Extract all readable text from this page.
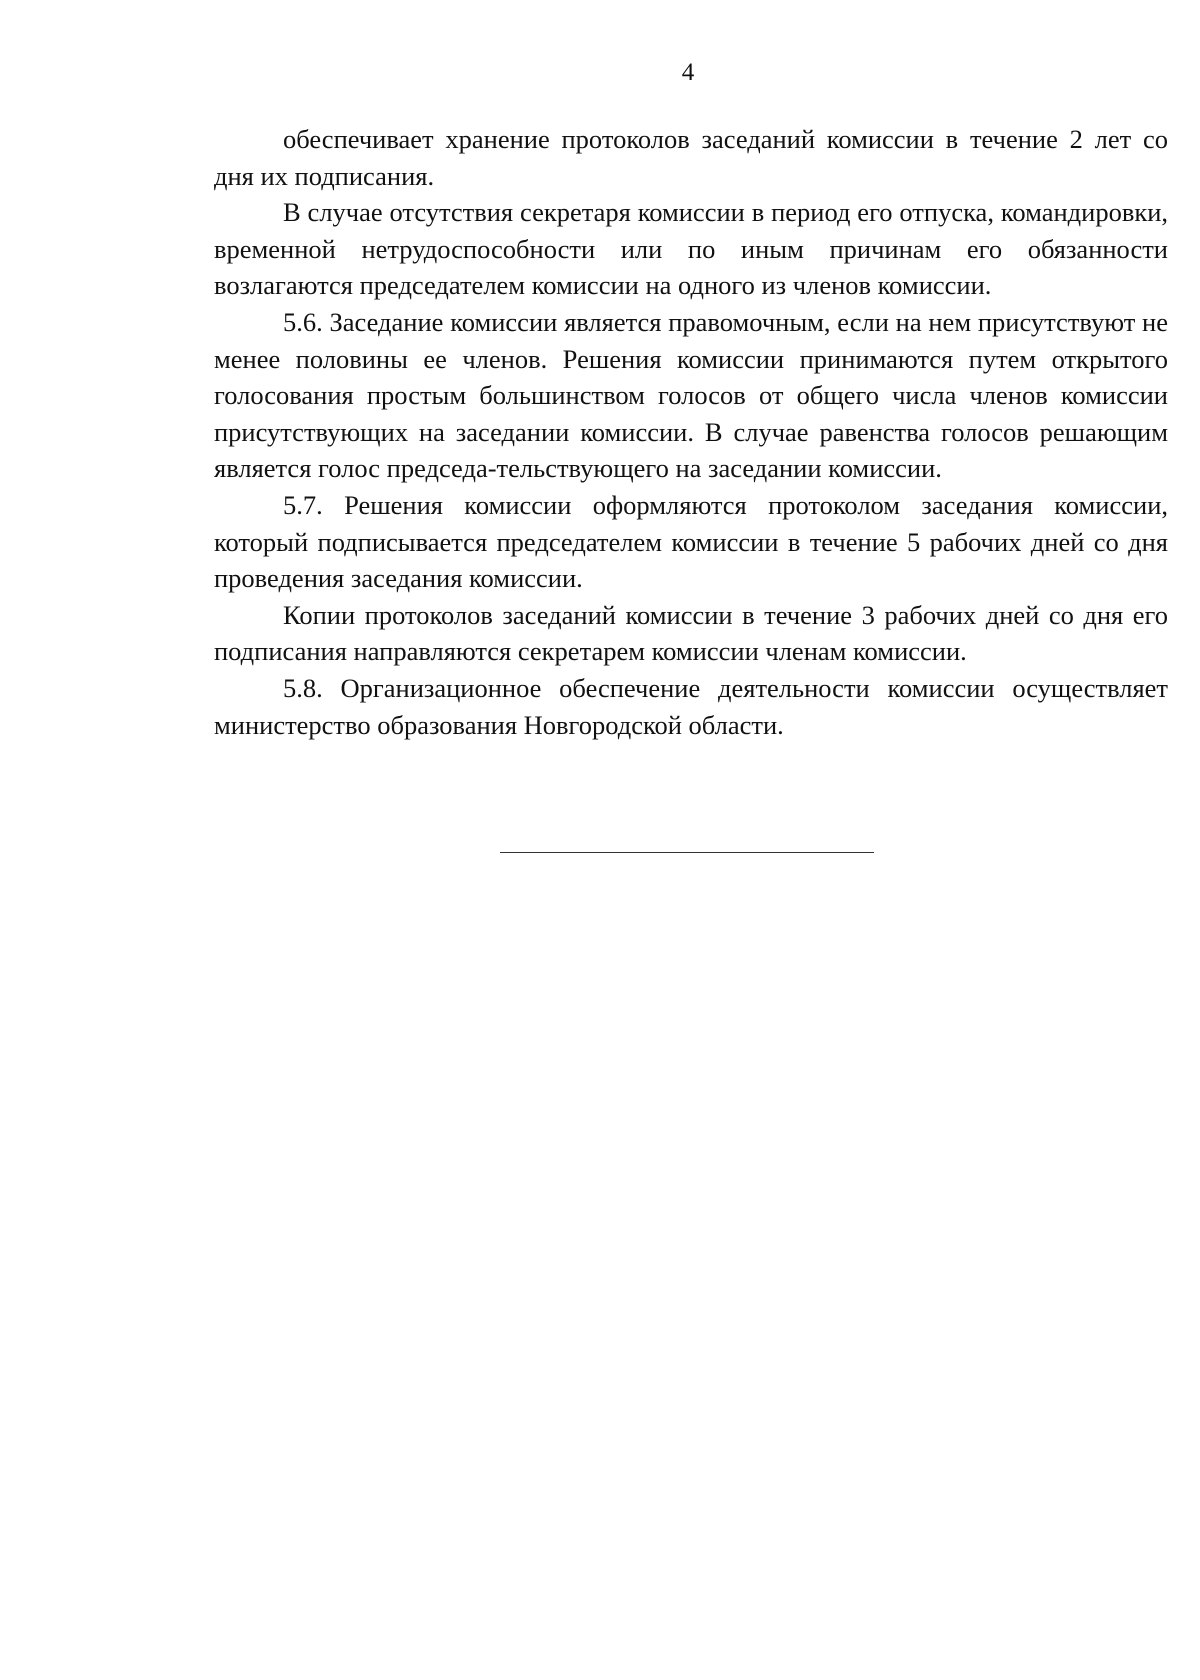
4

обеспечивает хранение протоколов заседаний комиссии в течение 2 лет со дня их подписания.

В случае отсутствия секретаря комиссии в период его отпуска, командировки, временной нетрудоспособности или по иным причинам его обязанности возлагаются председателем комиссии на одного из членов комиссии.

5.6. Заседание комиссии является правомочным, если на нем присутствуют не менее половины ее членов. Решения комиссии принимаются путем открытого голосования простым большинством голосов от общего числа членов комиссии присутствующих на заседании комиссии. В случае равенства голосов решающим является голос председа-тельствующего на заседании комиссии.

5.7. Решения комиссии оформляются протоколом заседания комиссии, который подписывается председателем комиссии в течение 5 рабочих дней со дня проведения заседания комиссии.

Копии протоколов заседаний комиссии в течение 3 рабочих дней со дня его подписания направляются секретарем комиссии членам комиссии.

5.8. Организационное обеспечение деятельности комиссии осуществляет министерство образования Новгородской области.
